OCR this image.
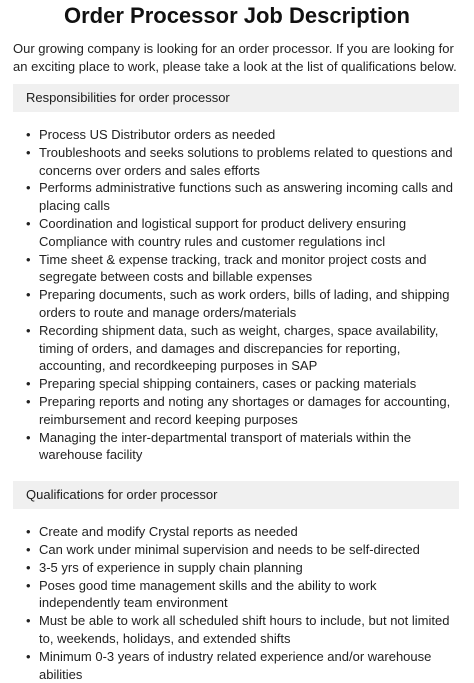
Order Processor Job Description

Our growing company is looking for an order processor. If you are looking for an exciting place to work, please take a look at the list of qualifications below.

Responsibilities for order processor
• Process US Distributor orders as needed
• Troubleshoots and seeks solutions to problems related to questions and concerns over orders and sales efforts
• Performs administrative functions such as answering incoming calls and placing calls
• Coordination and logistical support for product delivery ensuring Compliance with country rules and customer regulations incl
• Time sheet & expense tracking, track and monitor project costs and segregate between costs and billable expenses
• Preparing documents, such as work orders, bills of lading, and shipping orders to route and manage orders/materials
• Recording shipment data, such as weight, charges, space availability, timing of orders, and damages and discrepancies for reporting, accounting, and recordkeeping purposes in SAP
• Preparing special shipping containers, cases or packing materials
• Preparing reports and noting any shortages or damages for accounting, reimbursement and record keeping purposes
• Managing the inter-departmental transport of materials within the warehouse facility
Qualifications for order processor
• Create and modify Crystal reports as needed
• Can work under minimal supervision and needs to be self-directed
• 3-5 yrs of experience in supply chain planning
• Poses good time management skills and the ability to work independently team environment
• Must be able to work all scheduled shift hours to include, but not limited to, weekends, holidays, and extended shifts
• Minimum 0-3 years of industry related experience and/or warehouse abilities
